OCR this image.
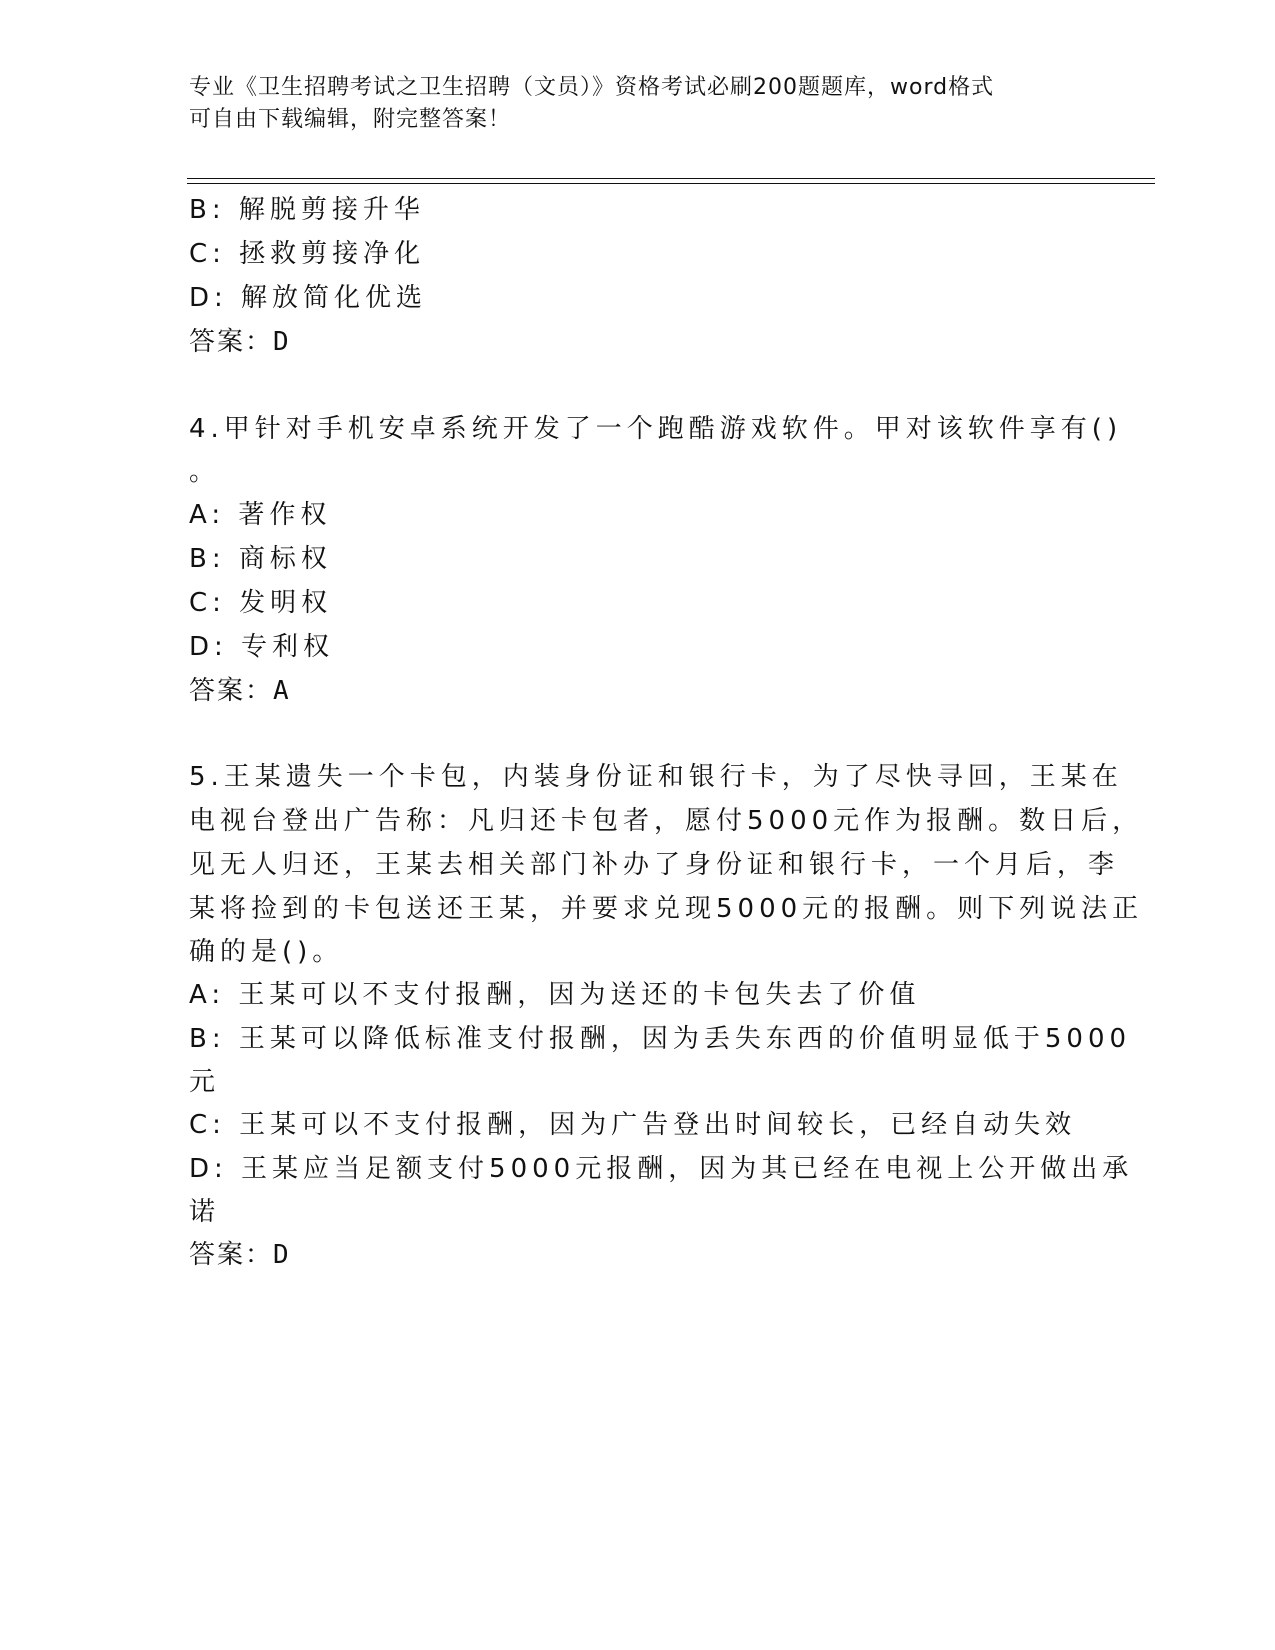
专业《卫生招聘考试之卫生招聘（文员）》资格考试必刷200题题库，word格式
可自由下载编辑，附完整答案！
B: 解脱剪接升华
C: 拯救剪接净化
D: 解放简化优选
答案：D
4.甲针对手机安卓系统开发了一个跑酷游戏软件。甲对该软件享有()
。
A: 著作权
B: 商标权
C: 发明权
D: 专利权
答案：A
5.王某遗失一个卡包，内装身份证和银行卡，为了尽快寻回，王某在
电视台登出广告称：凡归还卡包者，愿付5000元作为报酬。数日后，
见无人归还，王某去相关部门补办了身份证和银行卡，一个月后，李
某将捡到的卡包送还王某，并要求兑现5000元的报酬。则下列说法正
确的是()。
A: 王某可以不支付报酬，因为送还的卡包失去了价值
B: 王某可以降低标准支付报酬，因为丢失东西的价值明显低于5000
元
C: 王某可以不支付报酬，因为广告登出时间较长，已经自动失效
D: 王某应当足额支付5000元报酬，因为其已经在电视上公开做出承
诺
答案：D
